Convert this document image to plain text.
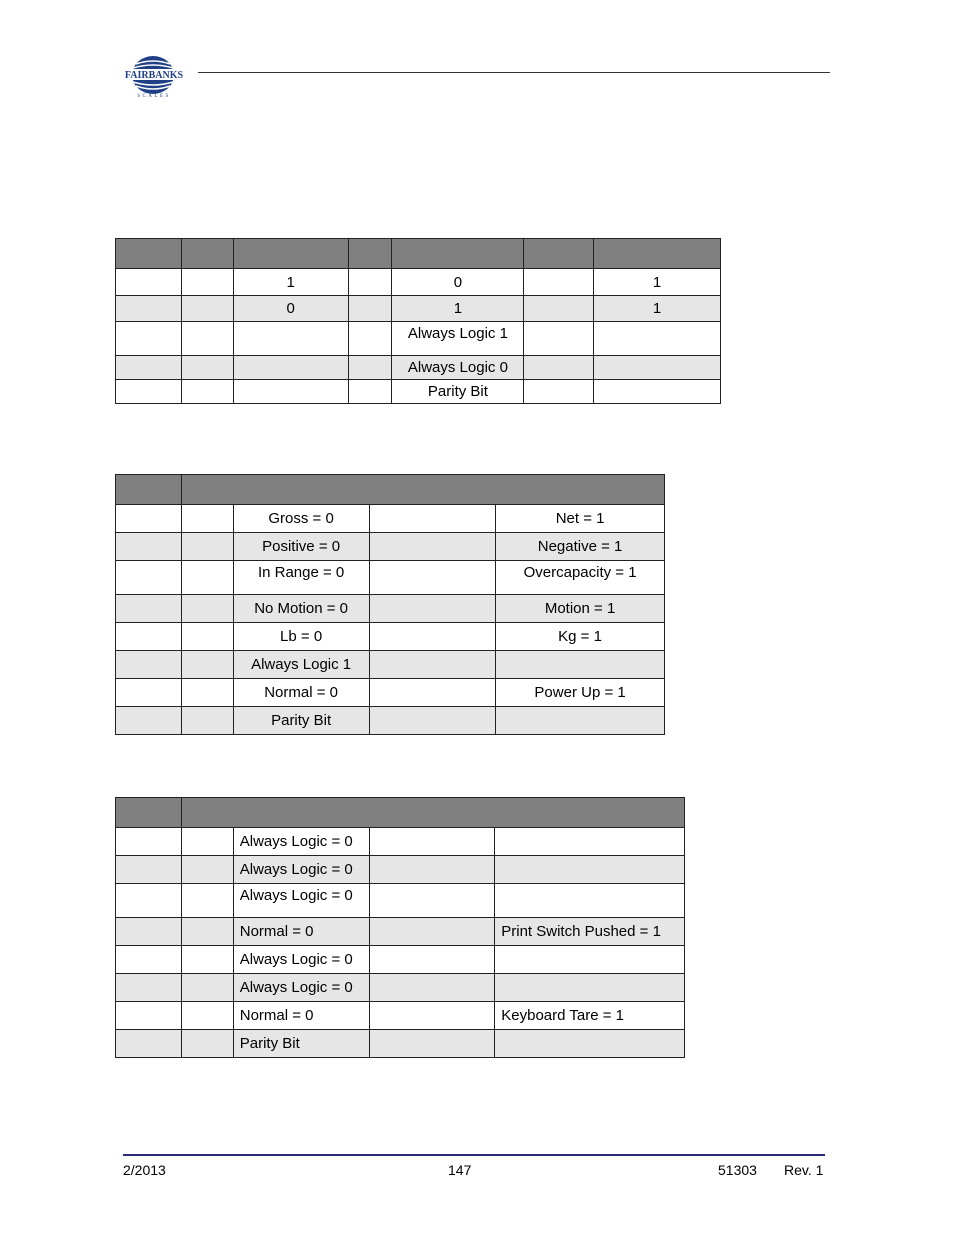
FAIRBANKS
SCALES

		1		0		1
		0		1		1
				Always Logic 1		
				Always Logic 0		
				Parity Bit		

		Gross = 0		Net = 1
		Positive = 0		Negative = 1
		In Range = 0		Overcapacity = 1
		No Motion = 0		Motion = 1
		Lb = 0		Kg = 1
		Always Logic 1		
		Normal = 0		Power Up = 1
		Parity Bit		

		Always Logic = 0		
		Always Logic = 0		
		Always Logic = 0		
		Normal = 0		Print Switch Pushed = 1
		Always Logic = 0		
		Always Logic = 0		
		Normal = 0		Keyboard Tare = 1
		Parity Bit		
2/2013	147	51303 Rev. 1
